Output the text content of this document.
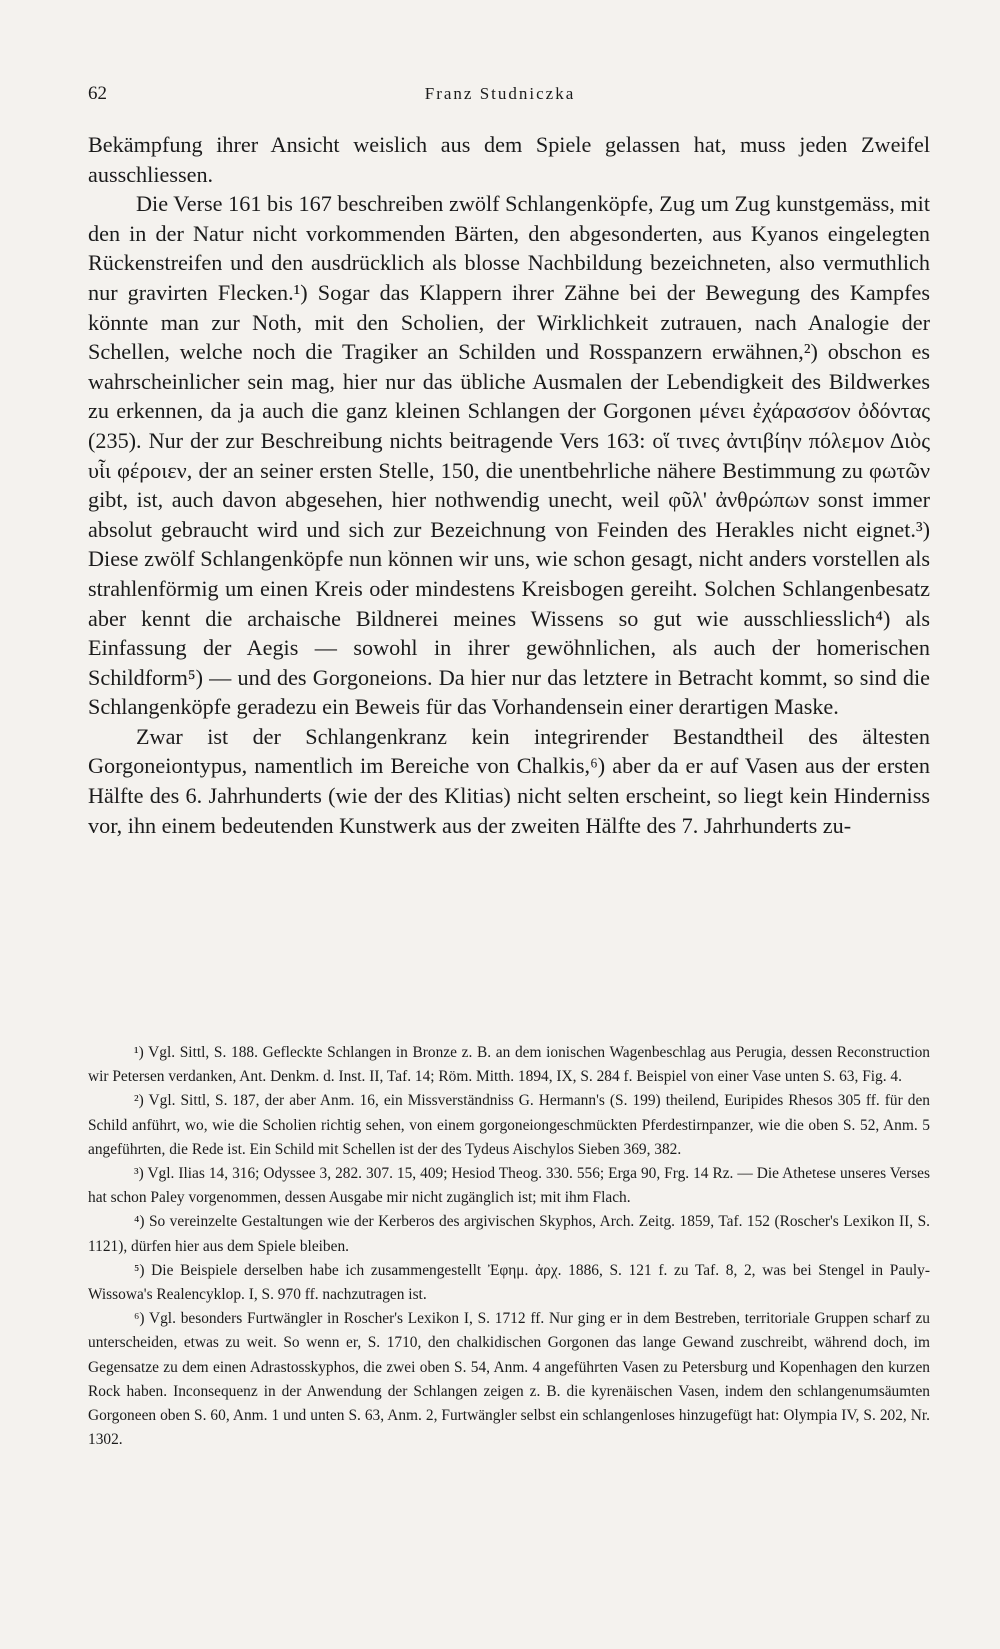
62	Franz Studniczka

Bekämpfung ihrer Ansicht weislich aus dem Spiele gelassen hat, muss jeden Zweifel ausschliessen.

Die Verse 161 bis 167 beschreiben zwölf Schlangenköpfe, Zug um Zug kunstgemäss, mit den in der Natur nicht vorkommenden Bärten, den abgesonderten, aus Kyanos eingelegten Rückenstreifen und den ausdrücklich als blosse Nachbildung bezeichneten, also vermuthlich nur gravirten Flecken.¹) Sogar das Klappern ihrer Zähne bei der Bewegung des Kampfes könnte man zur Noth, mit den Scholien, der Wirklichkeit zutrauen, nach Analogie der Schellen, welche noch die Tragiker an Schilden und Rosspanzern erwähnen,²) obschon es wahrscheinlicher sein mag, hier nur das übliche Ausmalen der Lebendigkeit des Bildwerkes zu erkennen, da ja auch die ganz kleinen Schlangen der Gorgonen μένει ἐχάρασσον ὀδόντας (235). Nur der zur Beschreibung nichts beitragende Vers 163: οἵ τινες ἀντιβίην πόλεμον Διὸς υἷι φέροιεν, der an seiner ersten Stelle, 150, die unentbehrliche nähere Bestimmung zu φωτῶν gibt, ist, auch davon abgesehen, hier nothwendig unecht, weil φῦλ' ἀνθρώπων sonst immer absolut gebraucht wird und sich zur Bezeichnung von Feinden des Herakles nicht eignet.³) Diese zwölf Schlangenköpfe nun können wir uns, wie schon gesagt, nicht anders vorstellen als strahlenförmig um einen Kreis oder mindestens Kreisbogen gereiht. Solchen Schlangenbesatz aber kennt die archaische Bildnerei meines Wissens so gut wie ausschliesslich⁴) als Einfassung der Aegis — sowohl in ihrer gewöhnlichen, als auch der homerischen Schildform⁵) — und des Gorgoneions. Da hier nur das letztere in Betracht kommt, so sind die Schlangenköpfe geradezu ein Beweis für das Vorhandensein einer derartigen Maske.

Zwar ist der Schlangenkranz kein integrirender Bestandtheil des ältesten Gorgoneiontypus, namentlich im Bereiche von Chalkis,⁶) aber da er auf Vasen aus der ersten Hälfte des 6. Jahrhunderts (wie der des Klitias) nicht selten erscheint, so liegt kein Hinderniss vor, ihn einem bedeutenden Kunstwerk aus der zweiten Hälfte des 7. Jahrhunderts zu-

¹) Vgl. Sittl, S. 188. Gefleckte Schlangen in Bronze z. B. an dem ionischen Wagenbeschlag aus Perugia, dessen Reconstruction wir Petersen verdanken, Ant. Denkm. d. Inst. II, Taf. 14; Röm. Mitth. 1894, IX, S. 284 f. Beispiel von einer Vase unten S. 63, Fig. 4.

²) Vgl. Sittl, S. 187, der aber Anm. 16, ein Missverständniss G. Hermann's (S. 199) theilend, Euripides Rhesos 305 ff. für den Schild anführt, wo, wie die Scholien richtig sehen, von einem gorgoneiongeschmückten Pferdestirnpanzer, wie die oben S. 52, Anm. 5 angeführten, die Rede ist. Ein Schild mit Schellen ist der des Tydeus Aischylos Sieben 369, 382.

³) Vgl. Ilias 14, 316; Odyssee 3, 282. 307. 15, 409; Hesiod Theog. 330. 556; Erga 90, Frg. 14 Rz. — Die Athetese unseres Verses hat schon Paley vorgenommen, dessen Ausgabe mir nicht zugänglich ist; mit ihm Flach.

⁴) So vereinzelte Gestaltungen wie der Kerberos des argivischen Skyphos, Arch. Zeitg. 1859, Taf. 152 (Roscher's Lexikon II, S. 1121), dürfen hier aus dem Spiele bleiben.

⁵) Die Beispiele derselben habe ich zusammengestellt Ἐφημ. ἀρχ. 1886, S. 121 f. zu Taf. 8, 2, was bei Stengel in Pauly-Wissowa's Realencyklop. I, S. 970 ff. nachzutragen ist.

⁶) Vgl. besonders Furtwängler in Roscher's Lexikon I, S. 1712 ff. Nur ging er in dem Bestreben, territoriale Gruppen scharf zu unterscheiden, etwas zu weit. So wenn er, S. 1710, den chalkidischen Gorgonen das lange Gewand zuschreibt, während doch, im Gegensatze zu dem einen Adrastosskyphos, die zwei oben S. 54, Anm. 4 angeführten Vasen zu Petersburg und Kopenhagen den kurzen Rock haben. Inconsequenz in der Anwendung der Schlangen zeigen z. B. die kyrenäischen Vasen, indem den schlangenumsäumten Gorgoneen oben S. 60, Anm. 1 und unten S. 63, Anm. 2, Furtwängler selbst ein schlangenloses hinzugefügt hat: Olympia IV, S. 202, Nr. 1302.
